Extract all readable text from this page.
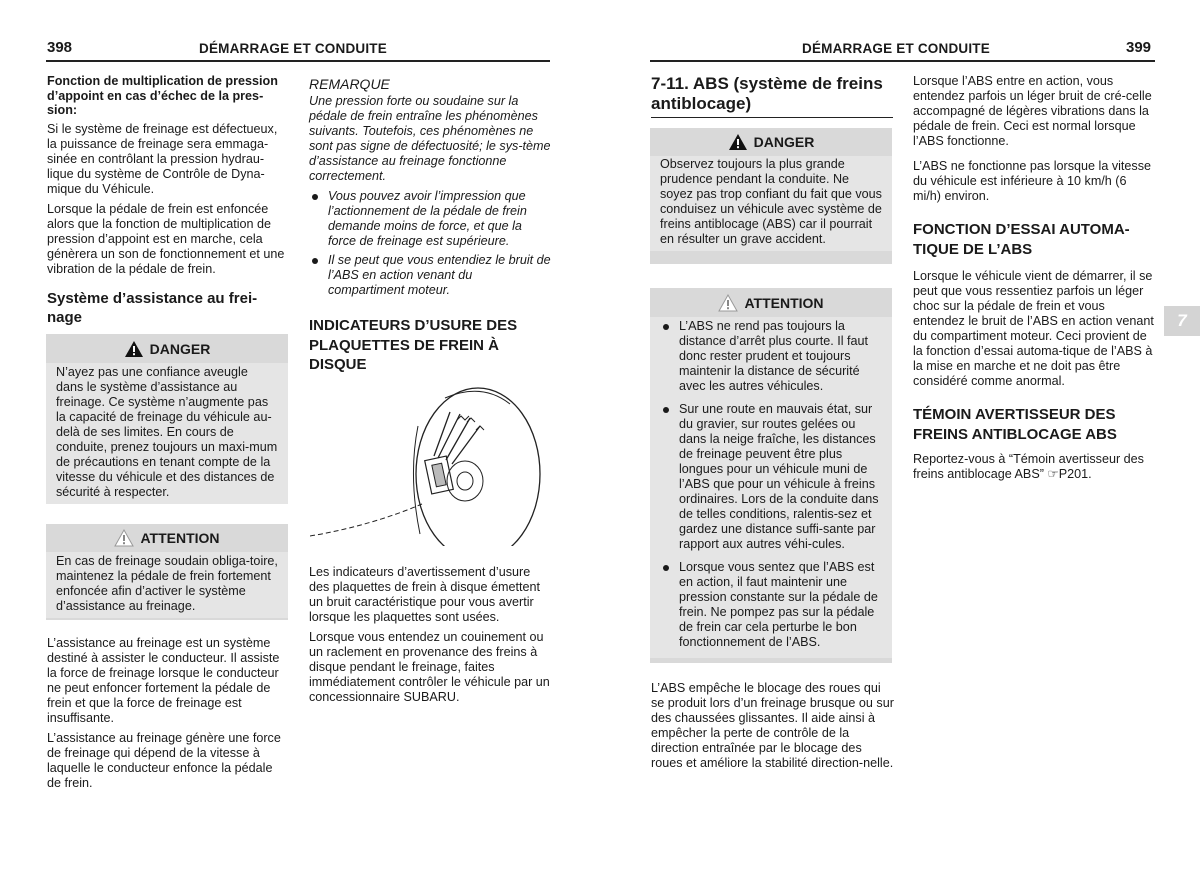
398	DÉMARRAGE ET CONDUITE
Fonction de multiplication de pression d’appoint en cas d’échec de la pres-sion:

Si le système de freinage est défectueux, la puissance de freinage sera emmaga-sinée en contrôlant la pression hydrau-lique du système de Contrôle de Dyna-mique du Véhicule.

Lorsque la pédale de frein est enfoncée alors que la fonction de multiplication de pression d’appoint est en marche, cela génèrera un son de fonctionnement et une vibration de la pédale de frein.

Système d’assistance au frei-nage
DANGER
N’ayez pas une confiance aveugle dans le système d’assistance au freinage. Ce système n’augmente pas la capacité de freinage du véhicule au-delà de ses limites. En cours de conduite, prenez toujours un maxi-mum de précautions en tenant compte de la vitesse du véhicule et des distances de sécurité à respecter.
ATTENTION
En cas de freinage soudain obliga-toire, maintenez la pédale de frein fortement enfoncée afin d’activer le système d’assistance au freinage.

L’assistance au freinage est un système destiné à assister le conducteur. Il assiste la force de freinage lorsque le conducteur ne peut enfoncer fortement la pédale de frein et que la force de freinage est insuffisante.

L’assistance au freinage génère une force de freinage qui dépend de la vitesse à laquelle le conducteur enfonce la pédale de frein.

REMARQUE

Une pression forte ou soudaine sur la pédale de frein entraîne les phénomènes suivants. Toutefois, ces phénomènes ne sont pas signe de défectuosité; le sys-tème d’assistance au freinage fonctionne correctement.

Vous pouvez avoir l’impression que l’actionnement de la pédale de frein demande moins de force, et que la force de freinage est supérieure.
Il se peut que vous entendiez le bruit de l’ABS en action venant du compartiment moteur.
INDICATEURS D’USURE DES PLAQUETTES DE FREIN À DISQUE

Les indicateurs d’avertissement d’usure des plaquettes de frein à disque émettent un bruit caractéristique pour vous avertir lorsque les plaquettes sont usées.

Lorsque vous entendez un couinement ou un raclement en provenance des freins à disque pendant le freinage, faites immédiatement contrôler le véhicule par un concessionnaire SUBARU.

DÉMARRAGE ET CONDUITE	399
7-11. ABS (système de freins antiblocage)
DANGER
Observez toujours la plus grande prudence pendant la conduite. Ne soyez pas trop confiant du fait que vous conduisez un véhicule avec système de freins antiblocage (ABS) car il pourrait en résulter un grave accident.
ATTENTION
L’ABS ne rend pas toujours la distance d’arrêt plus courte. Il faut donc rester prudent et toujours maintenir la distance de sécurité avec les autres véhicules.
Sur une route en mauvais état, sur du gravier, sur routes gelées ou dans la neige fraîche, les distances de freinage peuvent être plus longues pour un véhicule muni de l’ABS que pour un véhicule à freins ordinaires. Lors de la conduite dans de telles conditions, ralentis-sez et gardez une distance suffi-sante par rapport aux autres véhi-cules.
Lorsque vous sentez que l’ABS est en action, il faut maintenir une pression constante sur la pédale de frein. Ne pompez pas sur la pédale de frein car cela perturbe le bon fonctionnement de l’ABS.

L’ABS empêche le blocage des roues qui se produit lors d’un freinage brusque ou sur des chaussées glissantes. Il aide ainsi à empêcher la perte de contrôle de la direction entraînée par le blocage des roues et améliore la stabilité direction-nelle.

Lorsque l’ABS entre en action, vous entendez parfois un léger bruit de cré-celle accompagné de légères vibrations dans la pédale de frein. Ceci est normal lorsque l’ABS fonctionne.

L’ABS ne fonctionne pas lorsque la vitesse du véhicule est inférieure à 10 km/h (6 mi/h) environ.

FONCTION D’ESSAI AUTOMA-TIQUE DE L’ABS

Lorsque le véhicule vient de démarrer, il se peut que vous ressentiez parfois un léger choc sur la pédale de frein et vous entendez le bruit de l’ABS en action venant du compartiment moteur. Ceci provient de la fonction d’essai automa-tique de l’ABS à la mise en marche et ne doit pas être considéré comme anormal.

TÉMOIN AVERTISSEUR DES FREINS ANTIBLOCAGE ABS

Reportez-vous à “Témoin avertisseur des freins antiblocage ABS” ☞P201.

7
